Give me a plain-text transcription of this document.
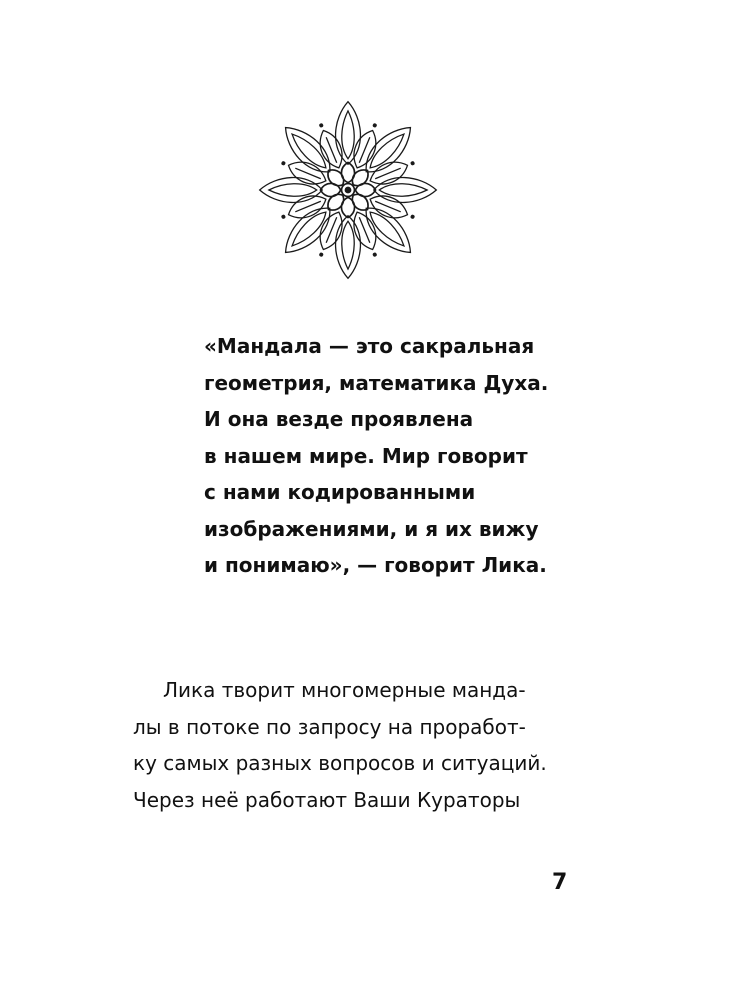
«Мандала — это сакральная
геометрия, математика Духа.
И она везде проявлена
в нашем мире. Мир говорит
с нами кодированными
изображениями, и я их вижу
и понимаю», — говорит Лика.
Лика творит многомерные манда-
лы в потоке по запросу на проработ-
ку самых разных вопросов и ситуаций.
Через неё работают Ваши Кураторы
7
